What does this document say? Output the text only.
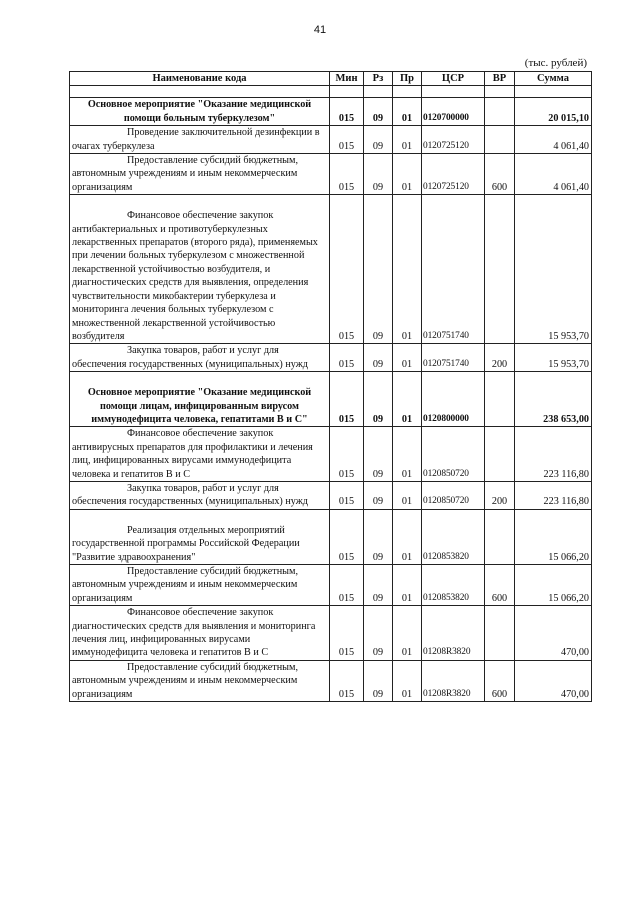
41
(тыс. рублей)
Наименование кода	Мин	Рз	Пр	ЦСР	ВР	Сумма

Основное мероприятие "Оказание медицинской помощи больным туберкулезом"	015	09	01	0120700000		20 015,10
Проведение заключительной дезинфекции в очагах туберкулеза	015	09	01	0120725120		4 061,40
Предоставление субсидий бюджетным, автономным учреждениям и иным некоммерческим организациям	015	09	01	0120725120	600	4 061,40
Финансовое обеспечение закупок антибактериальных и противотуберкулезных лекарственных препаратов (второго ряда), применяемых при лечении больных туберкулезом с множественной лекарственной устойчивостью возбудителя, и диагностических средств для выявления, определения чувствительности микобактерии туберкулеза и мониторинга лечения больных туберкулезом с множественной лекарственной устойчивостью возбудителя	015	09	01	0120751740		15 953,70
Закупка товаров, работ и услуг для обеспечения государственных (муниципальных) нужд	015	09	01	0120751740	200	15 953,70
Основное мероприятие "Оказание медицинской помощи лицам, инфицированным вирусом иммунодефицита человека, гепатитами В и С"	015	09	01	0120800000		238 653,00
Финансовое обеспечение закупок антивирусных препаратов для профилактики и лечения лиц, инфицированных вирусами иммунодефицита человека и гепатитов В и С	015	09	01	0120850720		223 116,80
Закупка товаров, работ и услуг для обеспечения государственных (муниципальных) нужд	015	09	01	0120850720	200	223 116,80
Реализация отдельных мероприятий государственной программы Российской Федерации "Развитие здравоохранения"	015	09	01	0120853820		15 066,20
Предоставление субсидий бюджетным, автономным учреждениям и иным некоммерческим организациям	015	09	01	0120853820	600	15 066,20
Финансовое обеспечение закупок диагностических средств для выявления и мониторинга лечения лиц, инфицированных вирусами иммунодефицита человека и гепатитов В и С	015	09	01	01208R3820		470,00
Предоставление субсидий бюджетным, автономным учреждениям и иным некоммерческим организациям	015	09	01	01208R3820	600	470,00
